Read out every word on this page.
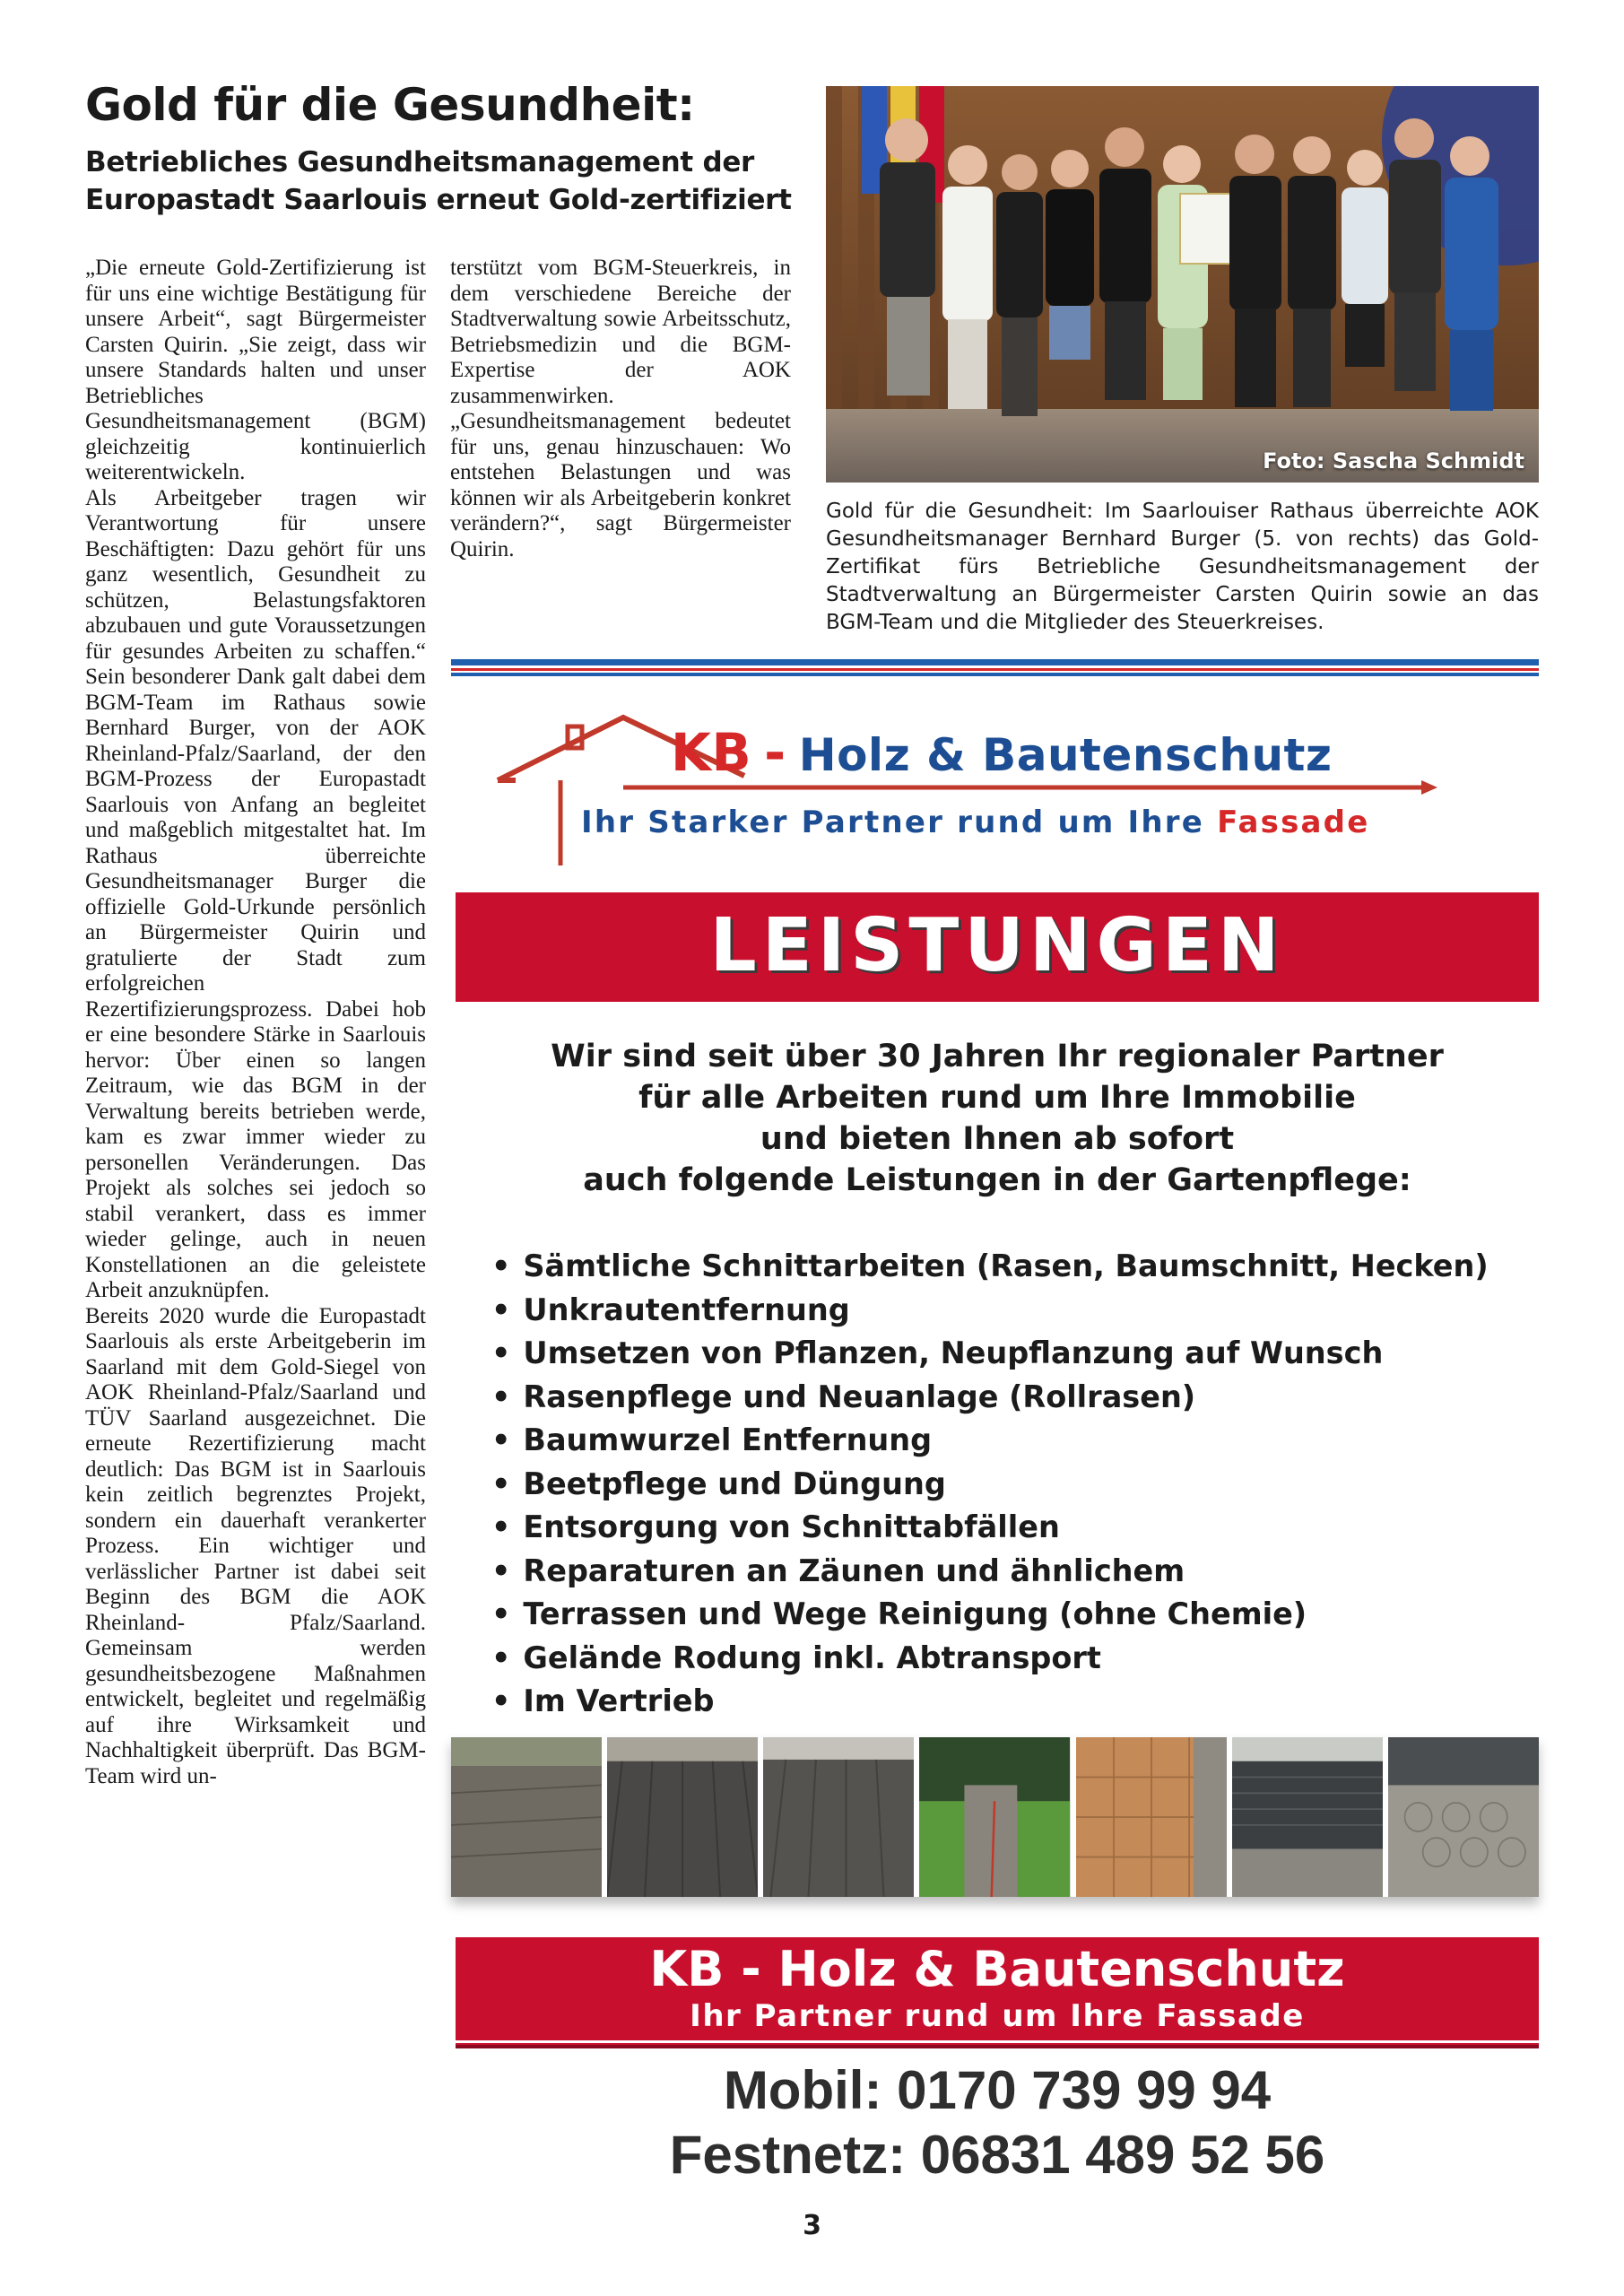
Gold für die Gesundheit:
Betriebliches Gesundheitsmanagement der Europastadt Saarlouis erneut Gold-zertifiziert

„Die erneute Gold-Zertifizierung ist für uns eine wichtige Bestätigung für unsere Arbeit“, sagt Bürgermeister Carsten Quirin. „Sie zeigt, dass wir unsere Standards halten und unser Betriebliches Gesundheitsmanagement (BGM) gleichzeitig kontinuierlich weiterentwickeln.

Als Arbeitgeber tragen wir Verantwortung für unsere Beschäftigten: Dazu gehört für uns ganz wesentlich, Gesundheit zu schützen, Belastungsfaktoren abzubauen und gute Voraussetzungen für gesundes Arbeiten zu schaffen.“ Sein besonderer Dank galt dabei dem BGM-Team im Rathaus sowie Bernhard Burger, von der AOK Rheinland-Pfalz/Saarland, der den BGM-Prozess der Europastadt Saarlouis von Anfang an begleitet und maßgeblich mitgestaltet hat. Im Rathaus überreichte Gesundheitsmanager Burger die offizielle Gold-Urkunde persönlich an Bürgermeister Quirin und gratulierte der Stadt zum erfolgreichen Rezertifizierungsprozess. Dabei hob er eine besondere Stärke in Saarlouis hervor: Über einen so langen Zeitraum, wie das BGM in der Verwaltung bereits betrieben werde, kam es zwar immer wieder zu personellen Veränderungen. Das Projekt als solches sei jedoch so stabil verankert, dass es immer wieder gelinge, auch in neuen Konstellationen an die geleistete Arbeit anzuknüpfen.

Bereits 2020 wurde die Europastadt Saarlouis als erste Arbeitgeberin im Saarland mit dem Gold-Siegel von AOK Rheinland-Pfalz/Saarland und TÜV Saarland ausgezeichnet. Die erneute Rezertifizierung macht deutlich: Das BGM ist in Saarlouis kein zeitlich begrenztes Projekt, sondern ein dauerhaft verankerter Prozess. Ein wichtiger und verlässlicher Partner ist dabei seit Beginn des BGM die AOK Rheinland- Pfalz/Saarland. Gemeinsam werden gesundheitsbezogene Maßnahmen entwickelt, begleitet und regelmäßig auf ihre Wirksamkeit und Nachhaltigkeit überprüft. Das BGM-Team wird un-

terstützt vom BGM-Steuerkreis, in dem verschiedene Bereiche der Stadtverwaltung sowie Arbeitsschutz, Betriebsmedizin und die BGM-Expertise der AOK zusammenwirken.

„Gesundheitsmanagement bedeutet für uns, genau hinzuschauen: Wo entstehen Belastungen und was können wir als Arbeitgeberin konkret verändern?“, sagt Bürgermeister Quirin.

Foto: Sascha Schmidt

Gold für die Gesundheit: Im Saarlouiser Rathaus überreichte AOK Gesundheitsmanager Bernhard Burger (5. von rechts) das Gold-Zertifikat fürs Betriebliche Gesundheitsmanagement der Stadtverwaltung an Bürgermeister Carsten Quirin sowie an das BGM-Team und die Mitglieder des Steuerkreises.

KB - Holz & Bautenschutz
Ihr Starker Partner rund um Ihre Fassade
LEISTUNGEN
Wir sind seit über 30 Jahren Ihr regionaler Partner
für alle Arbeiten rund um Ihre Immobilie
und bieten Ihnen ab sofort
auch folgende Leistungen in der Gartenpflege:
• Sämtliche Schnittarbeiten (Rasen, Baumschnitt, Hecken)
• Unkrautentfernung
• Umsetzen von Pflanzen, Neupflanzung auf Wunsch
• Rasenpflege und Neuanlage (Rollrasen)
• Baumwurzel Entfernung
• Beetpflege und Düngung
• Entsorgung von Schnittabfällen
• Reparaturen an Zäunen und ähnlichem
• Terrassen und Wege Reinigung (ohne Chemie)
• Gelände Rodung inkl. Abtransport
• Im Vertrieb
KB - Holz & Bautenschutz
Ihr Partner rund um Ihre Fassade
Mobil: 0170 739 99 94
Festnetz: 06831 489 52 56
3
